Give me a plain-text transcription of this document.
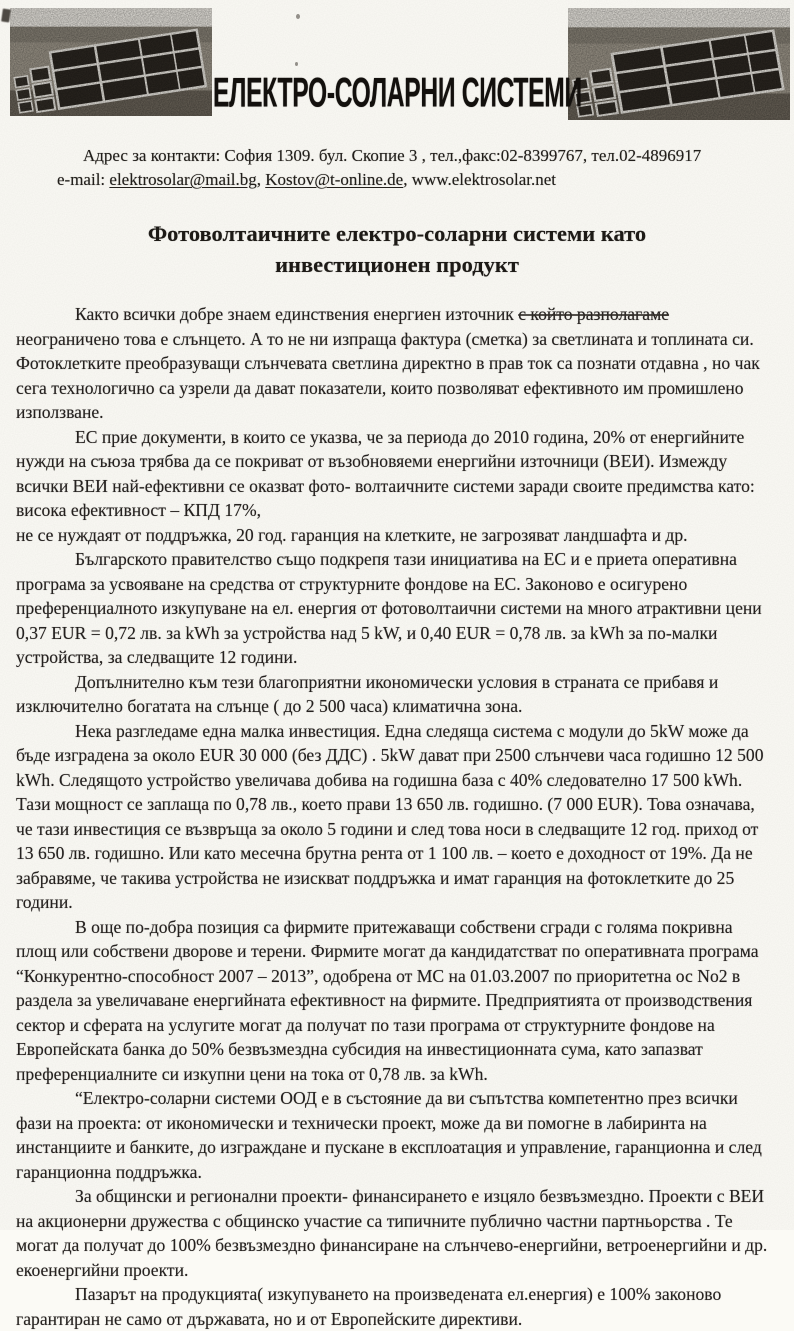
ЕЛЕКТРО-СОЛАРНИ СИСТЕМИ
Адрес за контакти: София 1309. бул. Скопие 3 , тел.,факс:02-8399767, тел.02-4896917
e-mail: elektrosolar@mail.bg, Kostov@t-online.de, www.elektrosolar.net
Фотоволтаичните електро-соларни системи като
инвестиционен продукт

Както всички добре знаем единствения енергиен източник с който разполагаме неограничено това е слънцето. А то не ни изпраща фактура (сметка) за светлината и топлината си. Фотоклетките преобразуващи слънчевата светлина директно в прав ток са познати отдавна , но чак сега технологично са узрели да дават показатели, които позволяват ефективното им промишлено използване.

ЕС прие документи, в които се указва, че за периода до 2010 година, 20% от енергийните нужди на съюза трябва да се покриват от възобновяеми енергийни източници (ВЕИ). Измежду всички ВЕИ най-ефективни се оказват фото- волтаичните системи заради своите предимства като: висока ефективност – КПД 17%,

не се нуждаят от поддръжка, 20 год. гаранция на клетките, не загрозяват ландшафта и др.

Българското правителство също подкрепя тази инициатива на ЕС и е приета оперативна програма за усвояване на средства от структурните фондове на ЕС. Законово е осигурено преференциалното изкупуване на ел. енергия от фотоволтаични системи на много атрактивни цени 0,37 EUR = 0,72 лв. за kWh за устройства над 5 kW, и 0,40 EUR = 0,78 лв. за kWh за по-малки устройства, за следващите 12 години.

Допълнително към тези благоприятни икономически условия в страната се прибавя и изключително богатата на слънце ( до 2 500 часа) климатична зона.

Нека разгледаме една малка инвестиция. Една следяща система с модули до 5kW може да бъде изградена за около EUR 30 000 (без ДДС) . 5kW дават при 2500 слънчеви часа годишно 12 500 kWh. Следящото устройство увеличава добива на годишна база с 40% следователно 17 500 kWh. Тази мощност се заплаща по 0,78 лв., което прави 13 650 лв. годишно. (7 000 EUR). Това означава, че тази инвестиция се възвръща за около 5 години и след това носи в следващите 12 год. приход от 13 650 лв. годишно. Или като месечна брутна рента от 1 100 лв. – което е доходност от 19%. Да не забравяме, че такива устройства не изискват поддръжка и имат гаранция на фотоклетките до 25 години.

В още по-добра позиция са фирмите притежаващи собствени сгради с голяма покривна площ или собствени дворове и терени. Фирмите могат да кандидатстват по оперативната програма “Конкурентно-способност 2007 – 2013”, одобрена от МС на 01.03.2007 по приоритетна ос No2 в раздела за увеличаване енергийната ефективност на фирмите. Предприятията от производствения сектор и сферата на услугите могат да получат по тази програма от структурните фондове на Европейската банка до 50% безвъзмездна субсидия на инвестиционната сума, като запазват преференциалните си изкупни цени на тока от 0,78 лв. за kWh.

“Електро-соларни системи ООД е в състояние да ви съпътства компетентно през всички фази на проекта: от икономически и технически проект, може да ви помогне в лабиринта на инстанциите и банките, до изграждане и пускане в експлоатация и управление, гаранционна и след гаранционна поддръжка.

За общински и регионални проекти- финансирането е изцяло безвъзмездно. Проекти с ВЕИ на акционерни дружества с общинско участие са типичните публично частни партньорства . Те могат да получат до 100% безвъзмездно финансиране на слънчево-енергийни, ветроенергийни и др. екоенергийни проекти.

Пазарът на продукцията( изкупуването на произведената ел.енергия) е 100% законово гарантиран не само от държавата, но и от Европейските директиви.
